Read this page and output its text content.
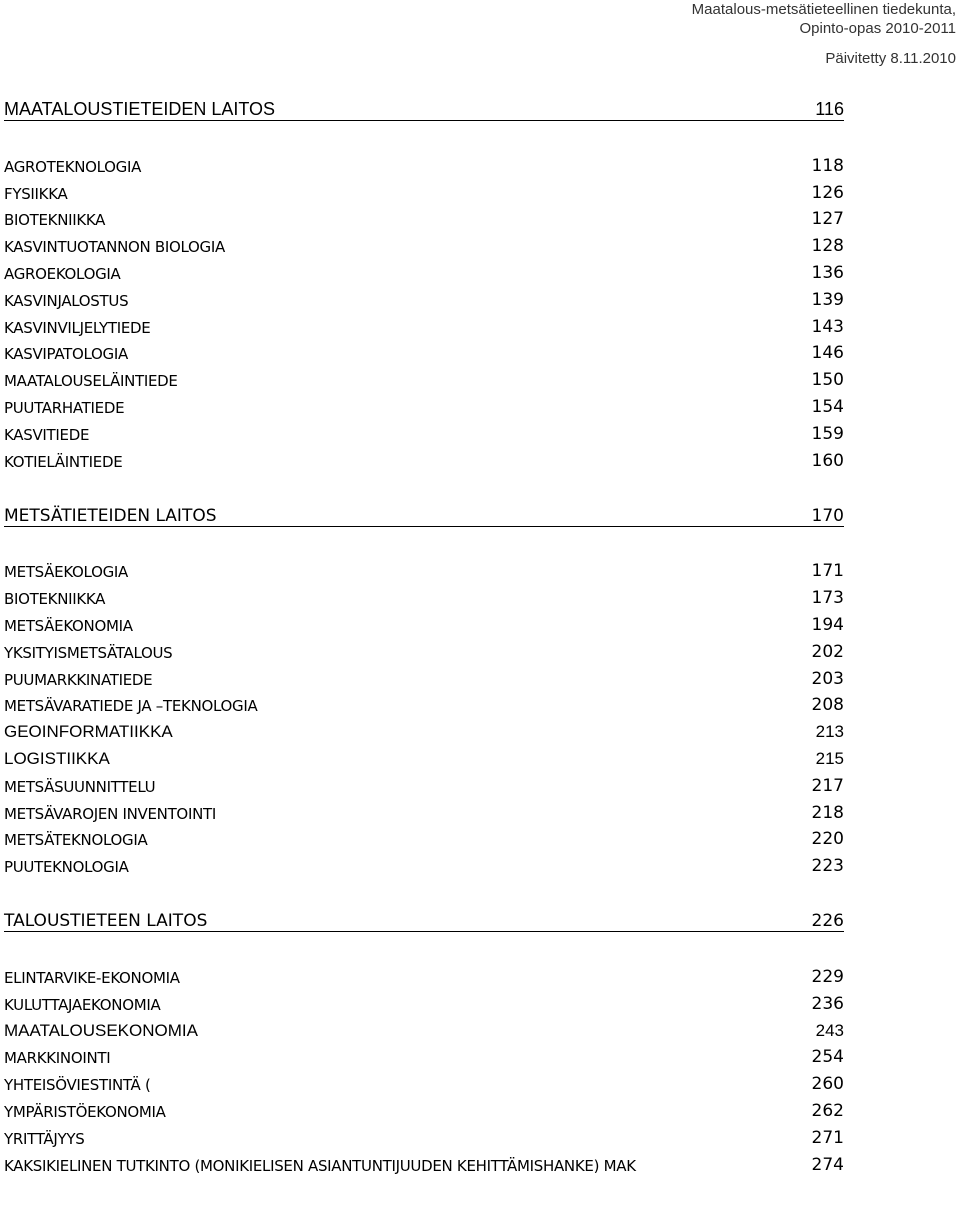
Maatalous-metsätieteellinen tiedekunta,
Opinto-opas 2010-2011
Päivitetty 8.11.2010
MAATALOUSTIETEIDEN LAITOS	116
AGROTEKNOLOGIA	118
FYSIIKKA	126
BIOTEKNIIKKA	127
KASVINTUOTANNON BIOLOGIA	128
AGROEKOLOGIA	136
KASVINJALOSTUS	139
KASVINVILJELYTIEDE	143
KASVIPATOLOGIA	146
MAATALOUSELÄINTIEDE	150
PUUTARHATIEDE	154
KASVITIEDE	159
KOTIELÄINTIEDE	160
METSÄTIETEIDEN LAITOS	170
METSÄEKOLOGIA	171
BIOTEKNIIKKA	173
METSÄEKONOMIA	194
YKSITYISMETSÄTALOUS	202
PUUMARKKINATIEDE	203
METSÄVARATIEDE JA –TEKNOLOGIA	208
GEOINFORMATIIKKA	213
LOGISTIIKKA	215
METSÄSUUNNITTELU	217
METSÄVAROJEN INVENTOINTI	218
METSÄTEKNOLOGIA	220
PUUTEKNOLOGIA	223
TALOUSTIETEEN LAITOS	226
ELINTARVIKE-EKONOMIA	229
KULUTTAJAEKONOMIA	236
MAATALOUSEKONOMIA	243
MARKKINOINTI	254
YHTEISÖVIESTINTÄ (	260
YMPÄRISTÖEKONOMIA	262
YRITTÄJYYS	271
KAKSIKIELINEN TUTKINTO (MONIKIELISEN ASIANTUNTIJUUDEN KEHITTÄMISHANKE) MAK	274
